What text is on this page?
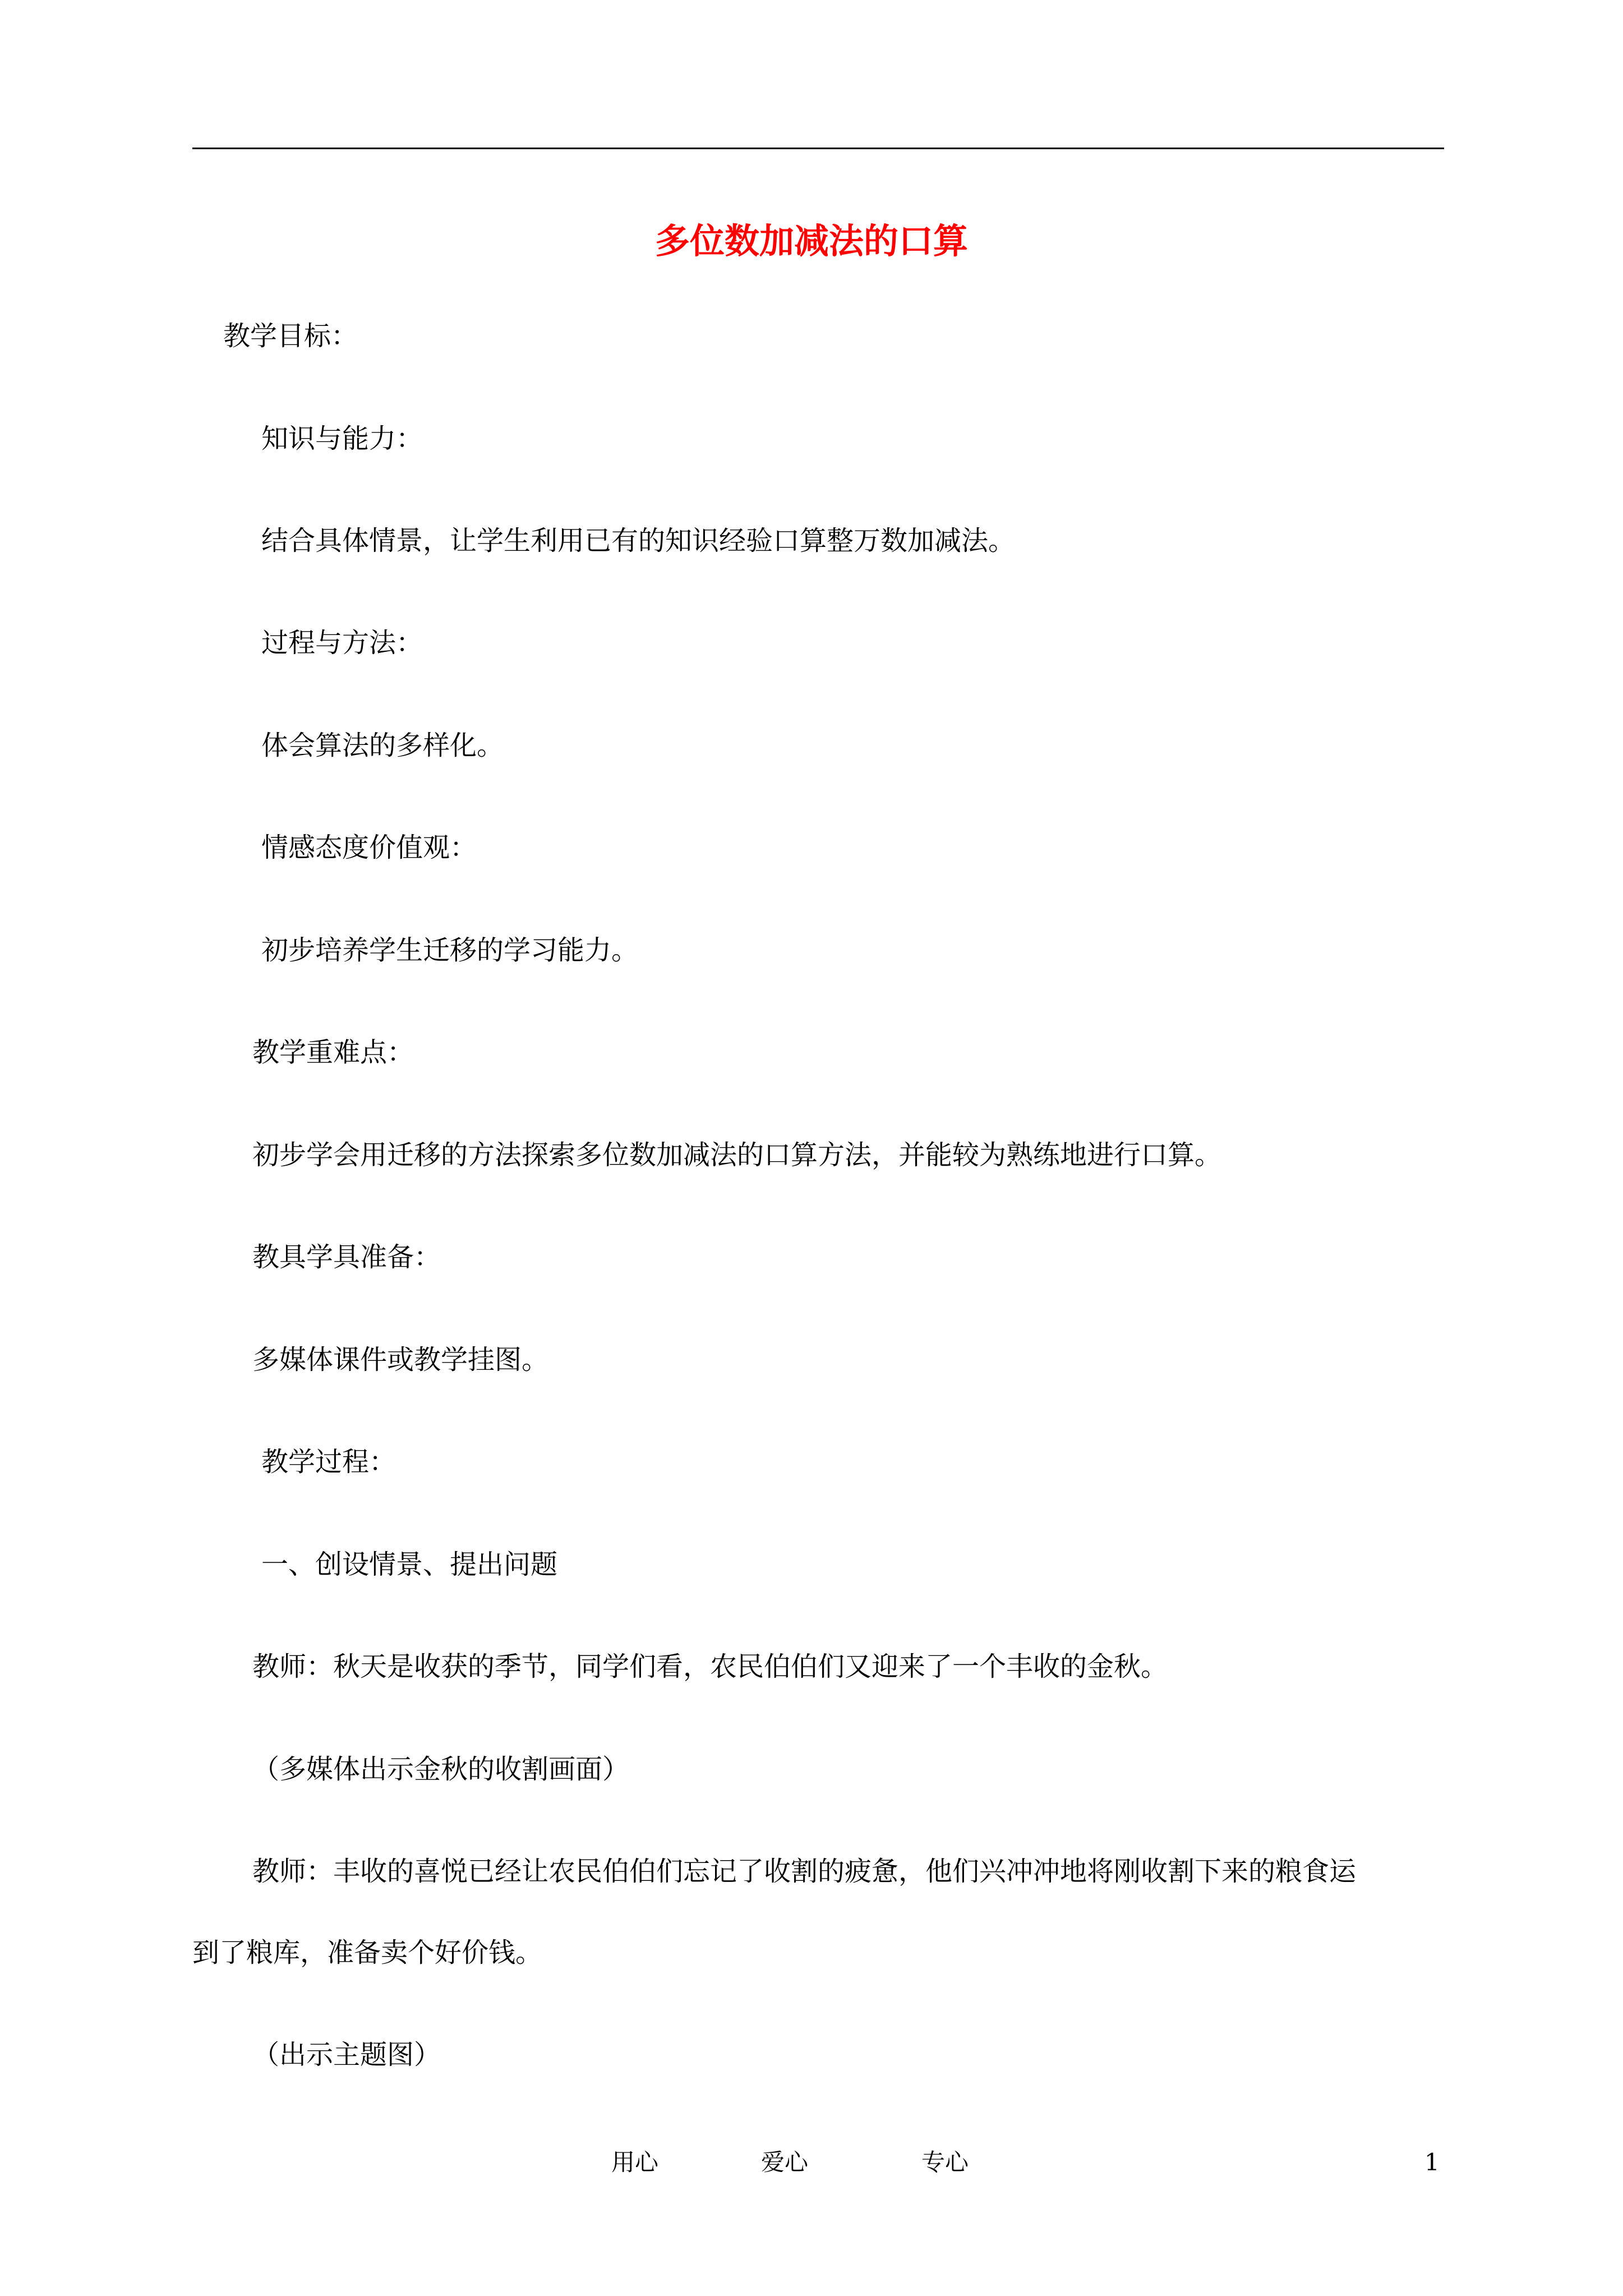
多位数加减法的口算
教学目标：
知识与能力：
结合具体情景，让学生利用已有的知识经验口算整万数加减法。
过程与方法：
体会算法的多样化。
情感态度价值观：
初步培养学生迁移的学习能力。
教学重难点：
初步学会用迁移的方法探索多位数加减法的口算方法，并能较为熟练地进行口算。
教具学具准备：
多媒体课件或教学挂图。
教学过程：
一、创设情景、提出问题
教师：秋天是收获的季节，同学们看，农民伯伯们又迎来了一个丰收的金秋。
（多媒体出示金秋的收割画面）
教师：丰收的喜悦已经让农民伯伯们忘记了收割的疲惫，他们兴冲冲地将刚收割下来的粮食运
到了粮库，准备卖个好价钱。
（出示主题图）
用心	爱心	专心	1
